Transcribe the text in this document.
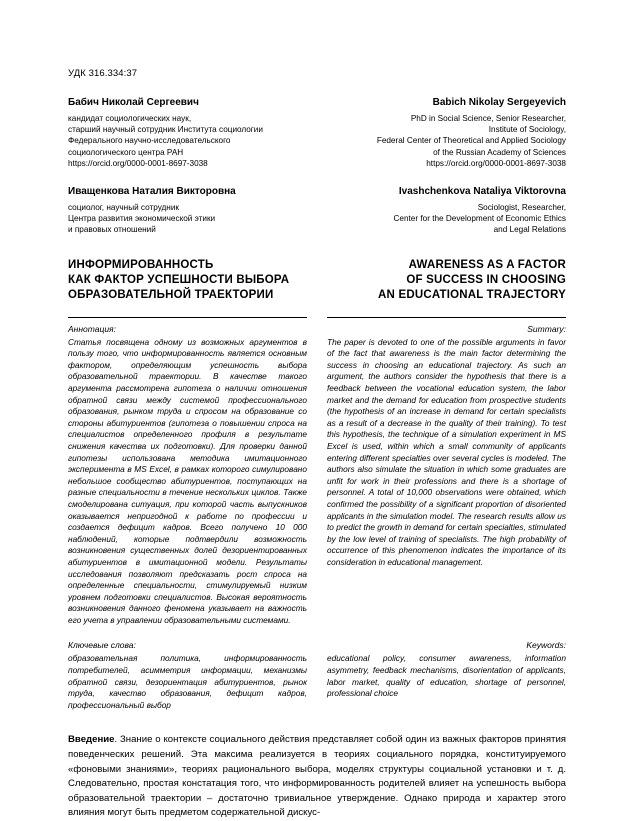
УДК 316.334:37
Бабич Николай Сергеевич
кандидат социологических наук,
старший научный сотрудник Института социологии
Федерального научно-исследовательского
социологического центра РАН
https://orcid.org/0000-0001-8697-3038
Babich Nikolay Sergeyevich
PhD in Social Science, Senior Researcher,
Institute of Sociology,
Federal Center of Theoretical and Applied Sociology
of the Russian Academy of Sciences
https://orcid.org/0000-0001-8697-3038
Иващенкова Наталия Викторовна
социолог, научный сотрудник
Центра развития экономической этики
и правовых отношений
Ivashchenkova Nataliya Viktorovna
Sociologist, Researcher,
Center for the Development of Economic Ethics
and Legal Relations
ИНФОРМИРОВАННОСТЬ
КАК ФАКТОР УСПЕШНОСТИ ВЫБОРА
ОБРАЗОВАТЕЛЬНОЙ ТРАЕКТОРИИ
AWARENESS AS A FACTOR
OF SUCCESS IN CHOOSING
AN EDUCATIONAL TRAJECTORY
Аннотация:
Статья посвящена одному из возможных аргументов в пользу того, что информированность является основным фактором, определяющим успешность выбора образовательной траектории. В качестве такого аргумента рассмотрена гипотеза о наличии отношения обратной связи между системой профессионального образования, рынком труда и спросом на образование со стороны абитуриентов (гипотеза о повышении спроса на специалистов определенного профиля в результате снижения качества их подготовки). Для проверки данной гипотезы использована методика имитационного эксперимента в MS Excel, в рамках которого симулировано небольшое сообщество абитуриентов, поступающих на разные специальности в течение нескольких циклов. Также смоделирована ситуация, при которой часть выпускников оказывается непригодной к работе по профессии и создается дефицит кадров. Всего получено 10 000 наблюдений, которые подтвердили возможность возникновения существенных долей дезориентированных абитуриентов в имитационной модели. Результаты исследования позволяют предсказать рост спроса на определенные специальности, стимулируемый низким уровнем подготовки специалистов. Высокая вероятность возникновения данного феномена указывает на важность его учета в управлении образовательными системами.
Summary:
The paper is devoted to one of the possible arguments in favor of the fact that awareness is the main factor determining the success in choosing an educational trajectory. As such an argument, the authors consider the hypothesis that there is a feedback between the vocational education system, the labor market and the demand for education from prospective students (the hypothesis of an increase in demand for certain specialists as a result of a decrease in the quality of their training). To test this hypothesis, the technique of a simulation experiment in MS Excel is used, within which a small community of applicants entering different specialties over several cycles is modeled. The authors also simulate the situation in which some graduates are unfit for work in their professions and there is a shortage of personnel. A total of 10,000 observations were obtained, which confirmed the possibility of a significant proportion of disoriented applicants in the simulation model. The research results allow us to predict the growth in demand for certain specialties, stimulated by the low level of training of specialists. The high probability of occurrence of this phenomenon indicates the importance of its consideration in educational management.
Ключевые слова:
образовательная политика, информированность потребителей, асимметрия информации, механизмы обратной связи, дезориентация абитуриентов, рынок труда, качество образования, дефицит кадров, профессиональный выбор
Keywords:
educational policy, consumer awareness, information asymmetry, feedback mechanisms, disorientation of applicants, labor market, quality of education, shortage of personnel, professional choice
Введение. Знание о контексте социального действия представляет собой один из важных факторов принятия поведенческих решений. Эта максима реализуется в теориях социального порядка, конституируемого «фоновыми знаниями», теориях рационального выбора, моделях структуры социальной установки и т. д. Следовательно, простая констатация того, что информированность родителей влияет на успешность выбора образовательной траектории – достаточно тривиальное утверждение. Однако природа и характер этого влияния могут быть предметом содержательной дискус-
